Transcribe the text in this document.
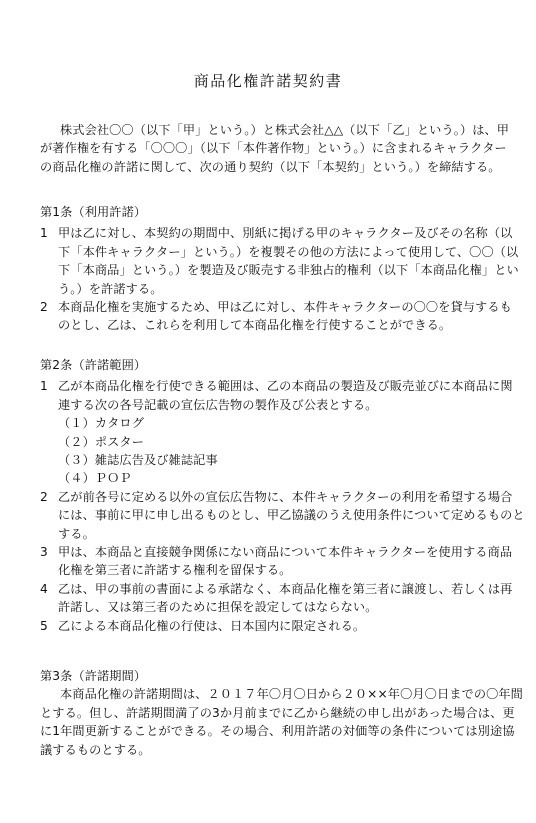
商品化権許諾契約書
株式会社〇〇（以下「甲」という。）と株式会社△△（以下「乙」という。）は、甲
が著作権を有する「〇〇〇」（以下「本件著作物」という。）に含まれるキャラクター
の商品化権の許諾に関して、次の通り契約（以下「本契約」という。）を締結する。
第1条（利用許諾）
1 甲は乙に対し、本契約の期間中、別紙に掲げる甲のキャラクター及びその名称（以
下「本件キャラクター」という。）を複製その他の方法によって使用して、〇〇（以
下「本商品」という。）を製造及び販売する非独占的権利（以下「本商品化権」とい
う。）を許諾する。
2 本商品化権を実施するため、甲は乙に対し、本件キャラクターの〇〇を貸与するも
のとし、乙は、これらを利用して本商品化権を行使することができる。
第2条（許諾範囲）
1 乙が本商品化権を行使できる範囲は、乙の本商品の製造及び販売並びに本商品に関
連する次の各号記載の宣伝広告物の製作及び公表とする。
（１）カタログ
（２）ポスター
（３）雑誌広告及び雑誌記事
（４）ＰＯＰ
2 乙が前各号に定める以外の宣伝広告物に、本件キャラクターの利用を希望する場合
には、事前に甲に申し出るものとし、甲乙協議のうえ使用条件について定めるものと
する。
3 甲は、本商品と直接競争関係にない商品について本件キャラクターを使用する商品
化権を第三者に許諾する権利を留保する。
4 乙は、甲の事前の書面による承諾なく、本商品化権を第三者に譲渡し、若しくは再
許諾し、又は第三者のために担保を設定してはならない。
5 乙による本商品化権の行使は、日本国内に限定される。
第3条（許諾期間）
本商品化権の許諾期間は、２０１７年〇月〇日から２０××年〇月〇日までの〇年間
とする。但し、許諾期間満了の3か月前までに乙から継続の申し出があった場合は、更
に1年間更新することができる。その場合、利用許諾の対価等の条件については別途協
議するものとする。
